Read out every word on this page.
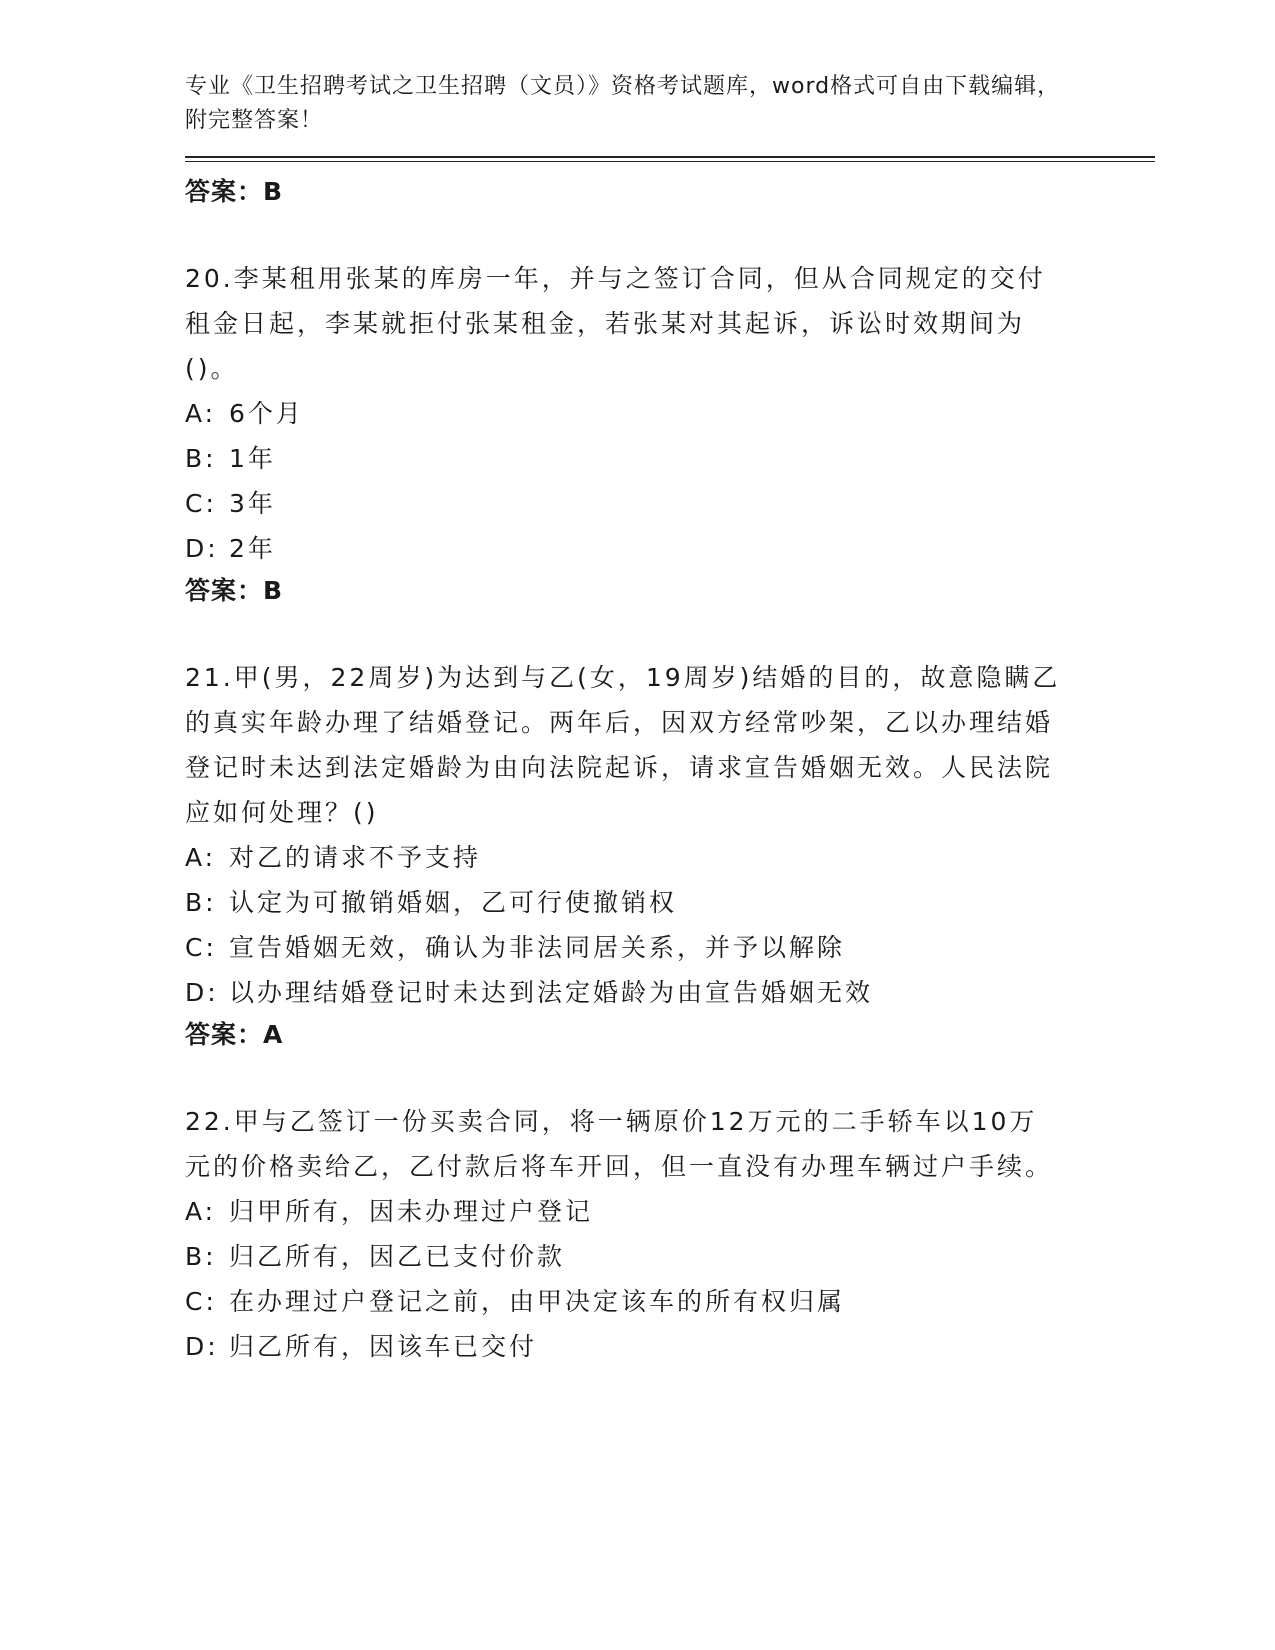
专业《卫生招聘考试之卫生招聘（文员）》资格考试题库，word格式可自由下载编辑，附完整答案！

答案：B

20.李某租用张某的库房一年，并与之签订合同，但从合同规定的交付租金日起，李某就拒付张某租金，若张某对其起诉，诉讼时效期间为()。

A: 6个月

B: 1年

C: 3年

D: 2年

答案：B

21.甲(男，22周岁)为达到与乙(女，19周岁)结婚的目的，故意隐瞒乙的真实年龄办理了结婚登记。两年后，因双方经常吵架，乙以办理结婚登记时未达到法定婚龄为由向法院起诉，请求宣告婚姻无效。人民法院应如何处理？()

A: 对乙的请求不予支持

B: 认定为可撤销婚姻，乙可行使撤销权

C: 宣告婚姻无效，确认为非法同居关系，并予以解除

D: 以办理结婚登记时未达到法定婚龄为由宣告婚姻无效

答案：A

22.甲与乙签订一份买卖合同，将一辆原价12万元的二手轿车以10万元的价格卖给乙，乙付款后将车开回，但一直没有办理车辆过户手续。

A: 归甲所有，因未办理过户登记

B: 归乙所有，因乙已支付价款

C: 在办理过户登记之前，由甲决定该车的所有权归属

D: 归乙所有，因该车已交付
